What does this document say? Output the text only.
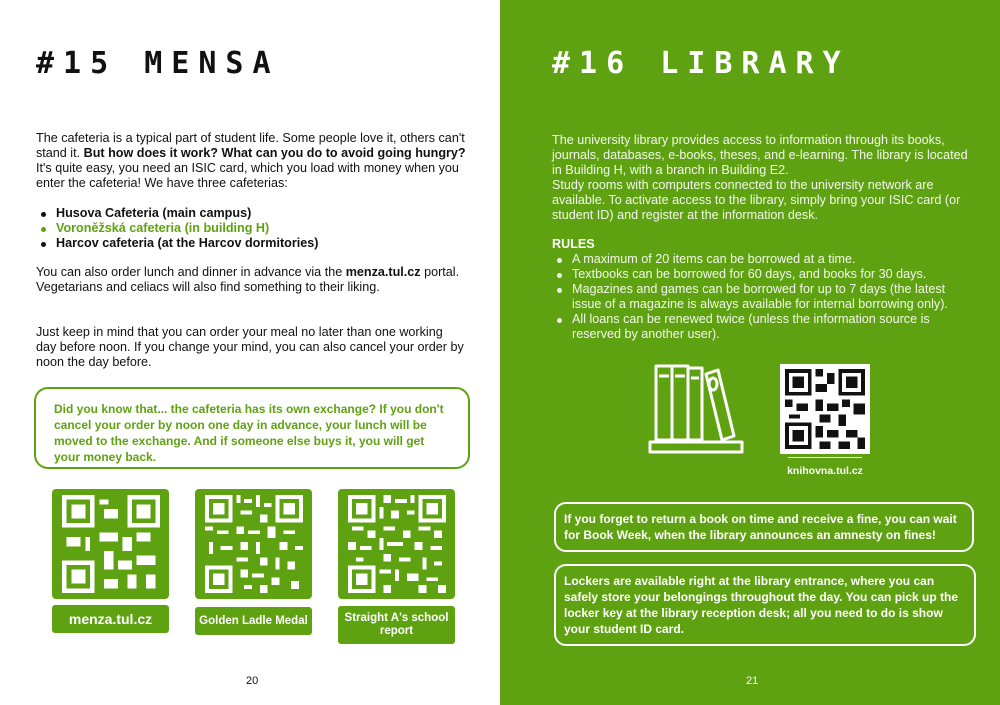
#15 MENSA
The cafeteria is a typical part of student life. Some people love it, others can't stand it. But how does it work? What can you do to avoid going hungry? It's quite easy, you need an ISIC card, which you load with money when you enter the cafeteria! We have three cafeterias:
Husova Cafeteria (main campus)
Voroněžská cafeteria (in building H)
Harcov cafeteria (at the Harcov dormitories)
You can also order lunch and dinner in advance via the menza.tul.cz portal.
Vegetarians and celiacs will also find something to their liking.
Just keep in mind that you can order your meal no later than one working day before noon. If you change your mind, you can also cancel your order by noon the day before.
Did you know that... the cafeteria has its own exchange? If you don't cancel your order by noon one day in advance, your lunch will be moved to the exchange. And if someone else buys it, you will get your money back.
menza.tul.cz	Golden Ladle Medal	Straight A's school report
20
#16 LIBRARY
The university library provides access to information through its books, journals, databases, e-books, theses, and e-learning. The library is located in Building H, with a branch in Building E2.
Study rooms with computers connected to the university network are available. To activate access to the library, simply bring your ISIC card (or student ID) and register at the information desk.
RULES
A maximum of 20 items can be borrowed at a time.
Textbooks can be borrowed for 60 days, and books for 30 days.
Magazines and games can be borrowed for up to 7 days (the latest issue of a magazine is always available for internal borrowing only).
All loans can be renewed twice (unless the information source is reserved by another user).
knihovna.tul.cz
If you forget to return a book on time and receive a fine, you can wait for Book Week, when the library announces an amnesty on fines!
Lockers are available right at the library entrance, where you can safely store your belongings throughout the day. You can pick up the locker key at the library reception desk; all you need to do is show your student ID card.
21
